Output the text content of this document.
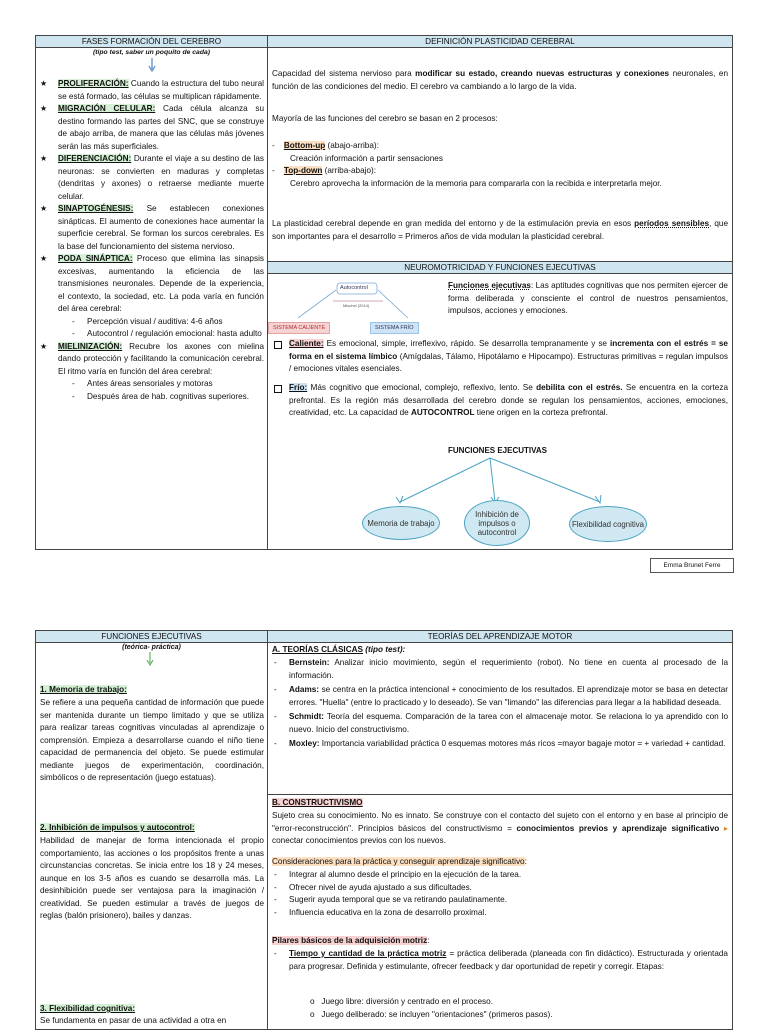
FASES FORMACIÓN DEL CEREBRO	DEFINICIÓN PLASTICIDAD CEREBRAL

(tipo test, saber un poquito de cada)

★ PROLIFERACIÓN: Cuando la estructura del tubo neural se está formado, las células se multiplican rápidamente.
★ MIGRACIÓN CELULAR: Cada célula alcanza su destino formando las partes del SNC, que se construye de abajo arriba, de manera que las células más jóvenes serán las más superficiales.
★ DIFERENCIACIÓN: Durante el viaje a su destino de las neuronas: se convierten en maduras y completas (dendritas y axones) o retraerse mediante muerte celular.
★ SINAPTOGÉNESIS: Se establecen conexiones sinápticas. El aumento de conexiones hace aumentar la superficie cerebral. Se forman los surcos cerebrales. Es la base del funcionamiento del sistema nervioso.
★ PODA SINÁPTICA: Proceso que elimina las sinapsis excesivas, aumentando la eficiencia de las transmisiones neuronales. Depende de la experiencia, el contexto, la sociedad, etc. La poda varía en función del área cerebral:
- Percepción visual / auditiva: 4-6 años
- Autocontrol / regulación emocional: hasta adulto
★ MIELINIZACIÓN: Recubre los axones con mielina dando protección y facilitando la comunicación cerebral. El ritmo varía en función del área cerebral:
- Antes áreas sensoriales y motoras
- Después área de hab. cognitivas superiores.
Capacidad del sistema nervioso para modificar su estado, creando nuevas estructuras y conexiones neuronales, en función de las condiciones del medio. El cerebro va cambiando a lo largo de la vida.
Mayoría de las funciones del cerebro se basan en 2 procesos:
-    Bottom-up (abajo-arriba):
Creación información a partir sensaciones
-    Top-down (arriba-abajo):

Cerebro aprovecha la información de la memoria para compararla con la recibida e interpretarla mejor.
La plasticidad cerebral depende en gran medida del entorno y de la estimulación previa en esos períodos sensibles, que son importantes para el desarrollo = Primeros años de vida modulan la plasticidad cerebral.
NEUROMOTRICIDAD Y FUNCIONES EJECUTIVAS
Autocontrol
Mischel (2014)
SISTEMA CALIENTE	SISTEMA FRÍO
Funciones ejecutivas: Las aptitudes cognitivas que nos permiten ejercer de forma deliberada y consciente el control de nuestros pensamientos, impulsos, acciones y emociones.
Caliente: Es emocional, simple, irreflexivo, rápido. Se desarrolla tempranamente y se incrementa con el estrés = se forma en el sistema límbico (Amígdalas, Tálamo, Hipotálamo e Hipocampo). Estructuras primitivas = regulan impulsos / emociones vitales esenciales.
Frío: Más cognitivo que emocional, complejo, reflexivo, lento. Se debilita con el estrés. Se encuentra en la corteza prefrontal. Es la región más desarrollada del cerebro donde se regulan los pensamientos, acciones, emociones, creatividad, etc. La capacidad de AUTOCONTROL tiene origen en la corteza prefrontal.
FUNCIONES EJECUTIVAS
Memoria de trabajo
Inhibición de impulsos o autocontrol
Flexibilidad cognitiva
Emma Brunet Ferre
FUNCIONES EJECUTIVAS	TEORÍAS DEL APRENDIZAJE MOTOR

(teórica- práctica)

1. Memoria de trabajo:
Se refiere a una pequeña cantidad de información que puede ser mantenida durante un tiempo limitado y que se utiliza para realizar tareas cognitivas vinculadas al aprendizaje o comprensión. Empieza a desarrollarse cuando el niño tiene capacidad de permanencia del objeto. Se puede estimular mediante juegos de experimentación, coordinación, simbólicos o de representación (juego estatuas).
2. Inhibición de impulsos y autocontrol:
Habilidad de manejar de forma intencionada el propio comportamiento, las acciones o los propósitos frente a unas circunstancias concretas. Se inicia entre los 18 y 24 meses, aunque en los 3-5 años es cuando se desarrolla más. La desinhibición puede ser ventajosa para la imaginación / creatividad. Se pueden estimular a través de juegos de reglas (balón prisionero), bailes y danzas.
3. Flexibilidad cognitiva:
Se fundamenta en pasar de una actividad a otra en
A. TEORÍAS CLÁSICAS (tipo test):
- Bernstein: Analizar inicio movimiento, según el requerimiento (robot). No tiene en cuenta al procesado de la información.
- Adams: se centra en la práctica intencional + conocimiento de los resultados. El aprendizaje motor se basa en detectar errores. "Huella" (entre lo practicado y lo deseado). Se van "limando" las diferencias para llegar a la habilidad deseada.
- Schmidt: Teoría del esquema. Comparación de la tarea con el almacenaje motor. Se relaciona lo ya aprendido con lo nuevo. Inicio del constructivismo.
- Moxley: Importancia variabilidad práctica 0 esquemas motores más ricos =mayor bagaje motor = + variedad + cantidad.
B. CONSTRUCTIVISMO
Sujeto crea su conocimiento. No es innato. Se construye con el contacto del sujeto con el entorno y en base al principio de "error-reconstrucción". Principios básicos del constructivismo = conocimientos previos y aprendizaje significativo ▸ conectar conocimientos previos con los nuevos.
Consideraciones para la práctica y conseguir aprendizaje significativo:
- Integrar al alumno desde el principio en la ejecución de la tarea.
- Ofrecer nivel de ayuda ajustado a sus dificultades.
- Sugerir ayuda temporal que se va retirando paulatinamente.
- Influencia educativa en la zona de desarrollo proximal.
Pilares básicos de la adquisición motriz:
- Tiempo y cantidad de la práctica motriz = práctica deliberada (planeada con fin didáctico). Estructurada y orientada para progresar. Definida y estimulante, ofrecer feedback y dar oportunidad de repetir y corregir. Etapas:
o   Juego libre: diversión y centrado en el proceso.
o   Juego deliberado: se incluyen "orientaciones" (primeros pasos).
